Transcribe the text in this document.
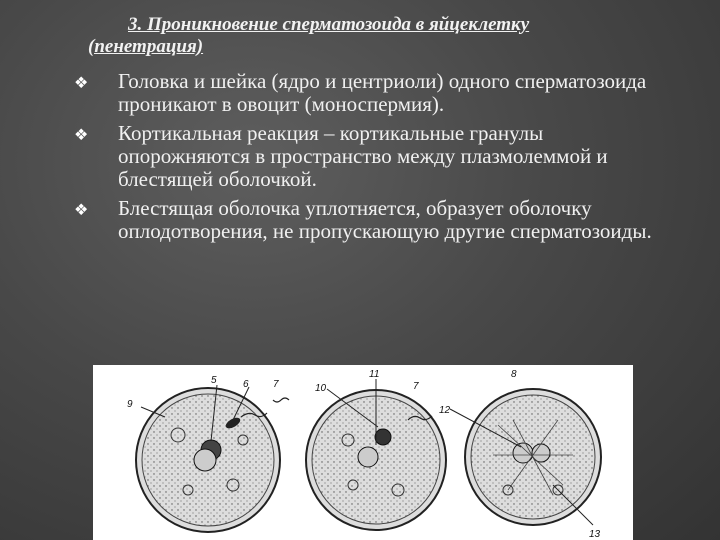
3. Проникновение сперматозоида в яйцеклетку
(пенетрация)
❖ Головка и шейка (ядро и центриоли) одного сперматозоида проникают в овоцит (моноспермия).
❖ Кортикальная реакция – кортикальные гранулы опорожняются в пространство между плазмолеммой и блестящей оболочкой.
❖ Блестящая оболочка уплотняется, образует оболочку оплодотворения, не пропускающую другие сперматозоиды.
5	6 7
9
10
11
7
12
13
8
